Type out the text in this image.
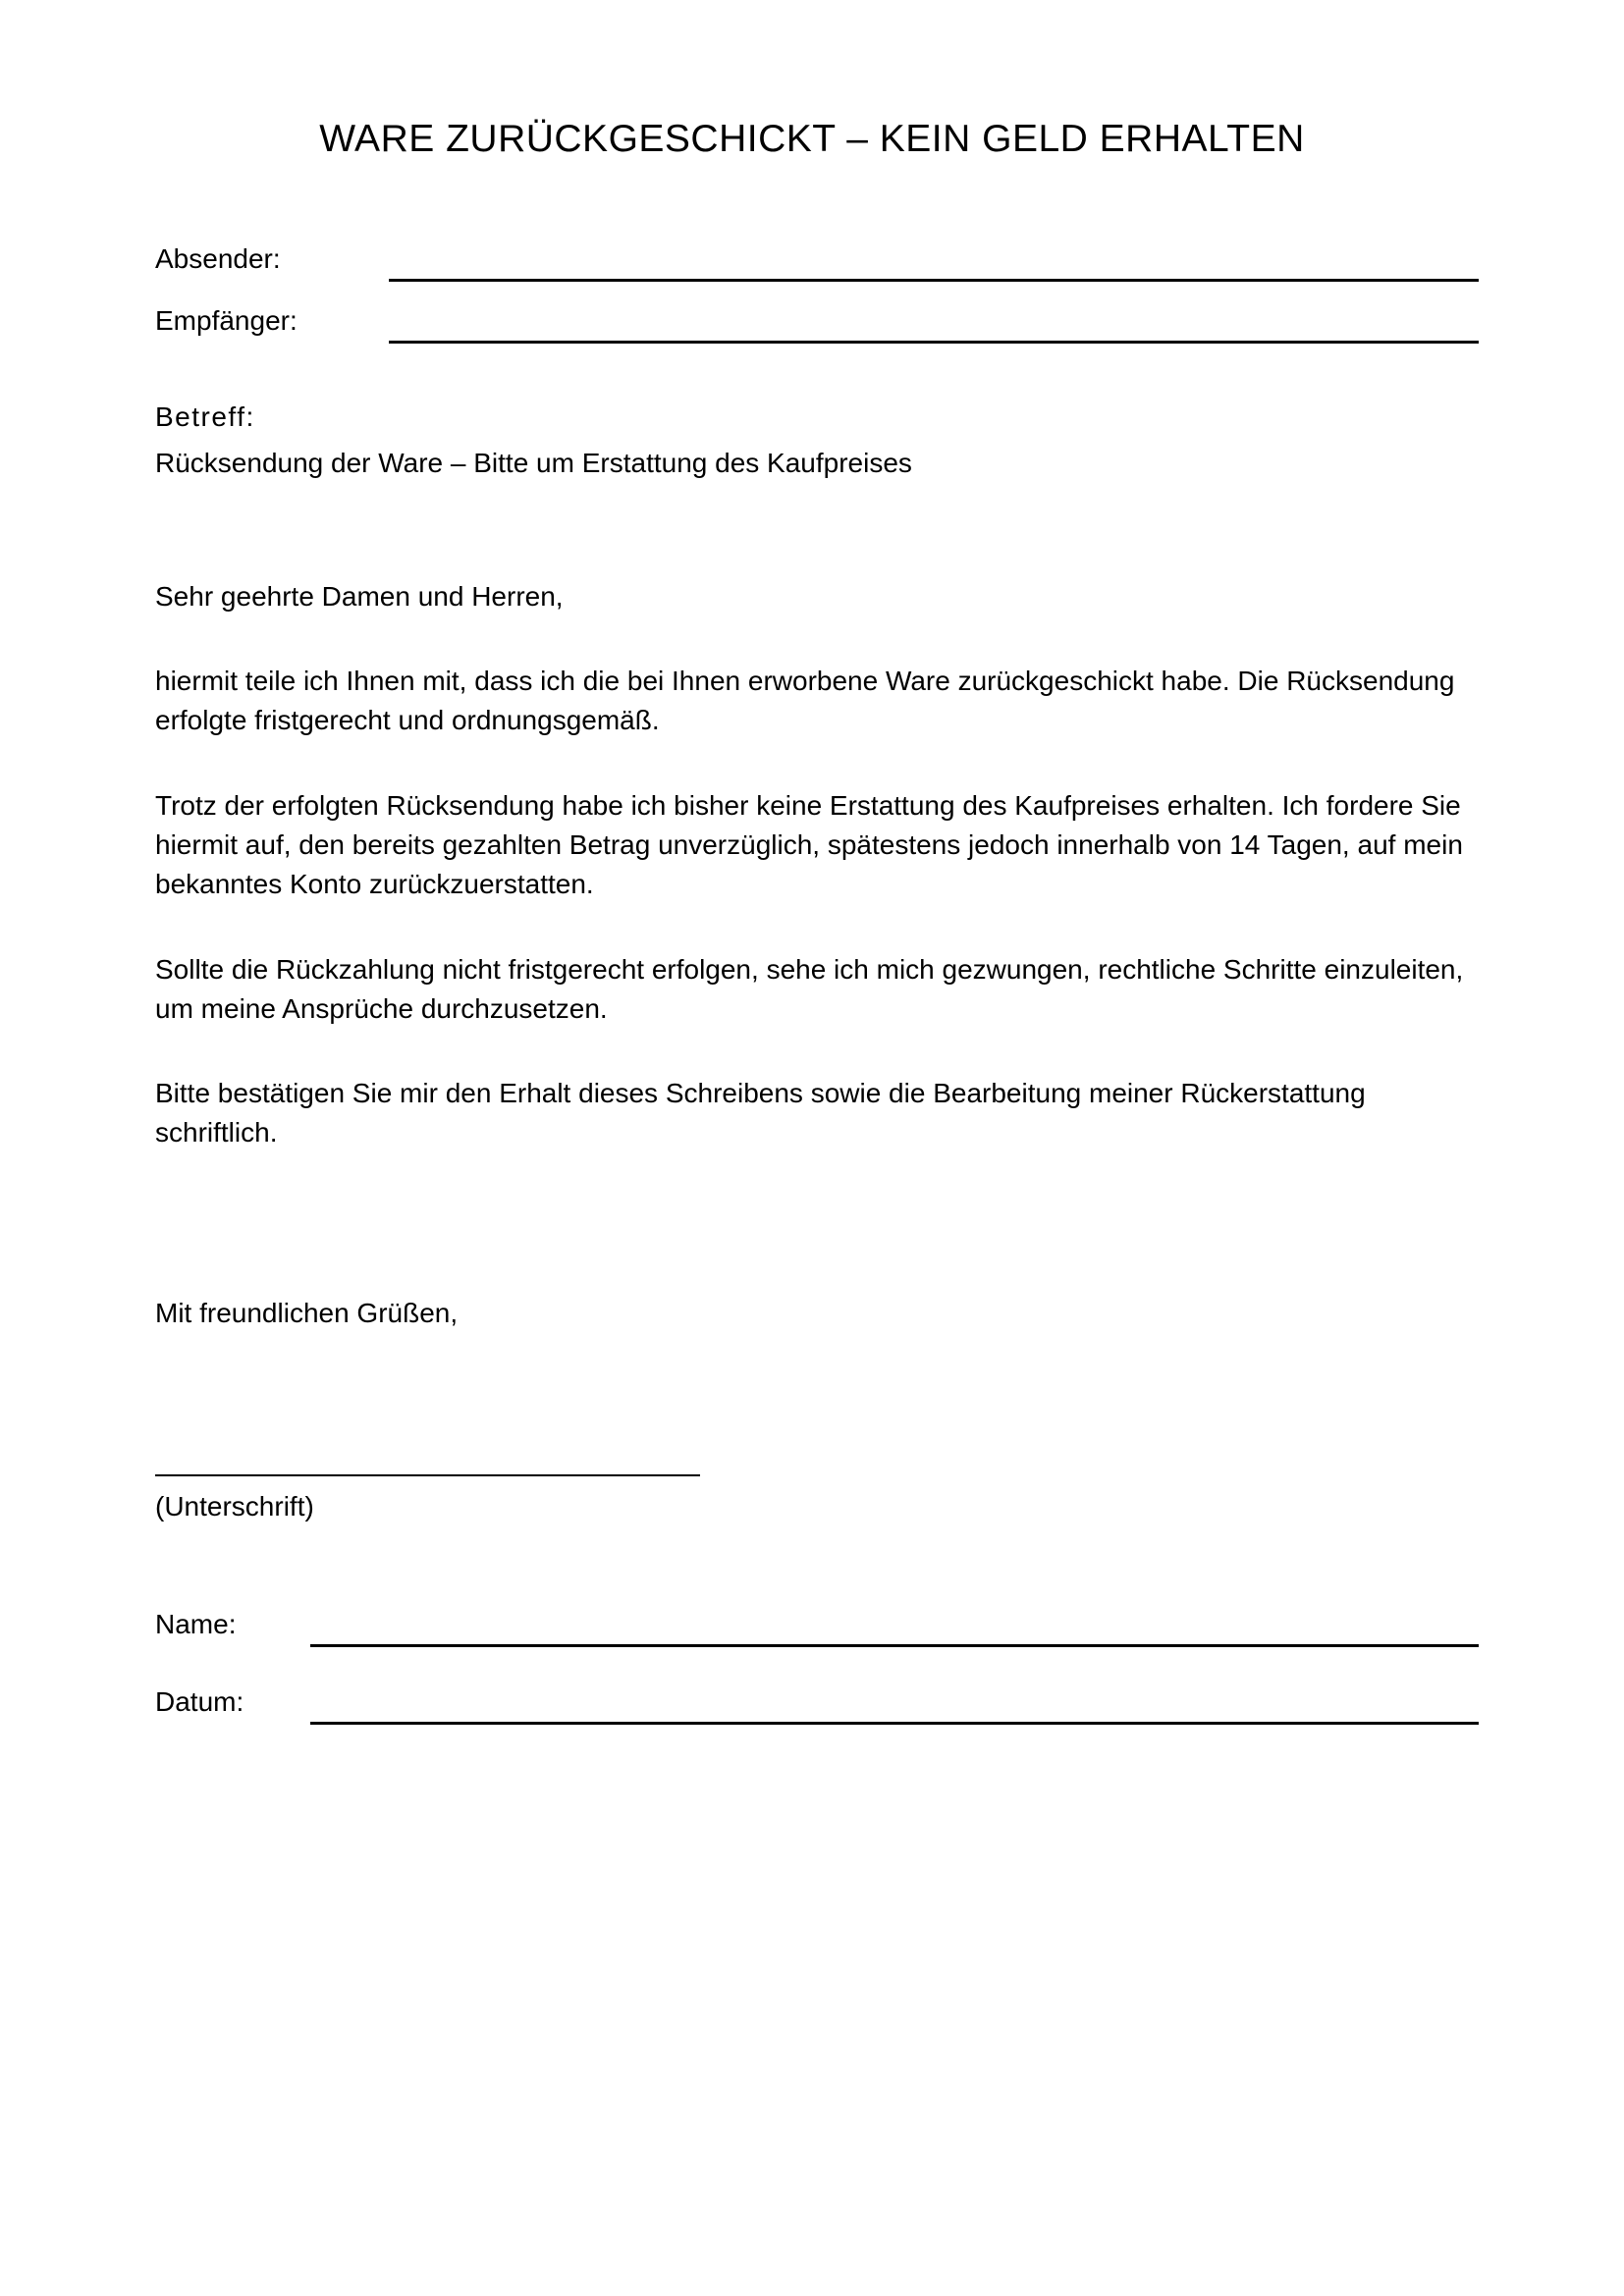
WARE ZURÜCKGESCHICKT – KEIN GELD ERHALTEN
Absender:
Empfänger:

Betreff:

Rücksendung der Ware – Bitte um Erstattung des Kaufpreises

Sehr geehrte Damen und Herren,

hiermit teile ich Ihnen mit, dass ich die bei Ihnen erworbene Ware zurückgeschickt habe. Die Rücksendung erfolgte fristgerecht und ordnungsgemäß.

Trotz der erfolgten Rücksendung habe ich bisher keine Erstattung des Kaufpreises erhalten. Ich fordere Sie hiermit auf, den bereits gezahlten Betrag unverzüglich, spätestens jedoch innerhalb von 14 Tagen, auf mein bekanntes Konto zurückzuerstatten.

Sollte die Rückzahlung nicht fristgerecht erfolgen, sehe ich mich gezwungen, rechtliche Schritte einzuleiten, um meine Ansprüche durchzusetzen.

Bitte bestätigen Sie mir den Erhalt dieses Schreibens sowie die Bearbeitung meiner Rückerstattung schriftlich.

Mit freundlichen Grüßen,

(Unterschrift)

Name:
Datum:
